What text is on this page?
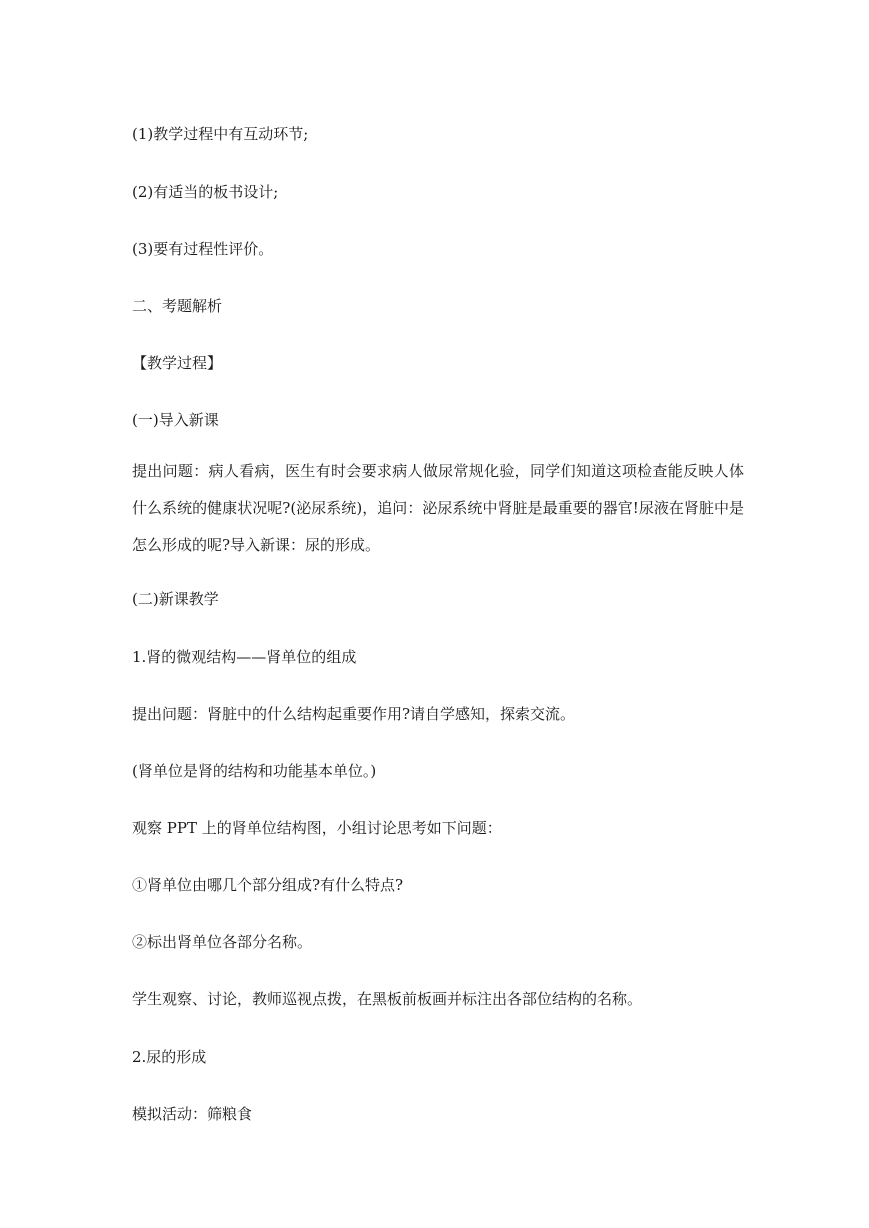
(1)教学过程中有互动环节;

(2)有适当的板书设计;

(3)要有过程性评价。

二、考题解析

【教学过程】

(一)导入新课

提出问题：病人看病，医生有时会要求病人做尿常规化验，同学们知道这项检查能反映人体什么系统的健康状况呢?(泌尿系统)，追问：泌尿系统中肾脏是最重要的器官!尿液在肾脏中是怎么形成的呢?导入新课：尿的形成。

(二)新课教学

1.肾的微观结构——肾单位的组成

提出问题：肾脏中的什么结构起重要作用?请自学感知，探索交流。

(肾单位是肾的结构和功能基本单位。)

观察 PPT 上的肾单位结构图，小组讨论思考如下问题：

①肾单位由哪几个部分组成?有什么特点?

②标出肾单位各部分名称。

学生观察、讨论，教师巡视点拨，在黑板前板画并标注出各部位结构的名称。

2.尿的形成

模拟活动：筛粮食
